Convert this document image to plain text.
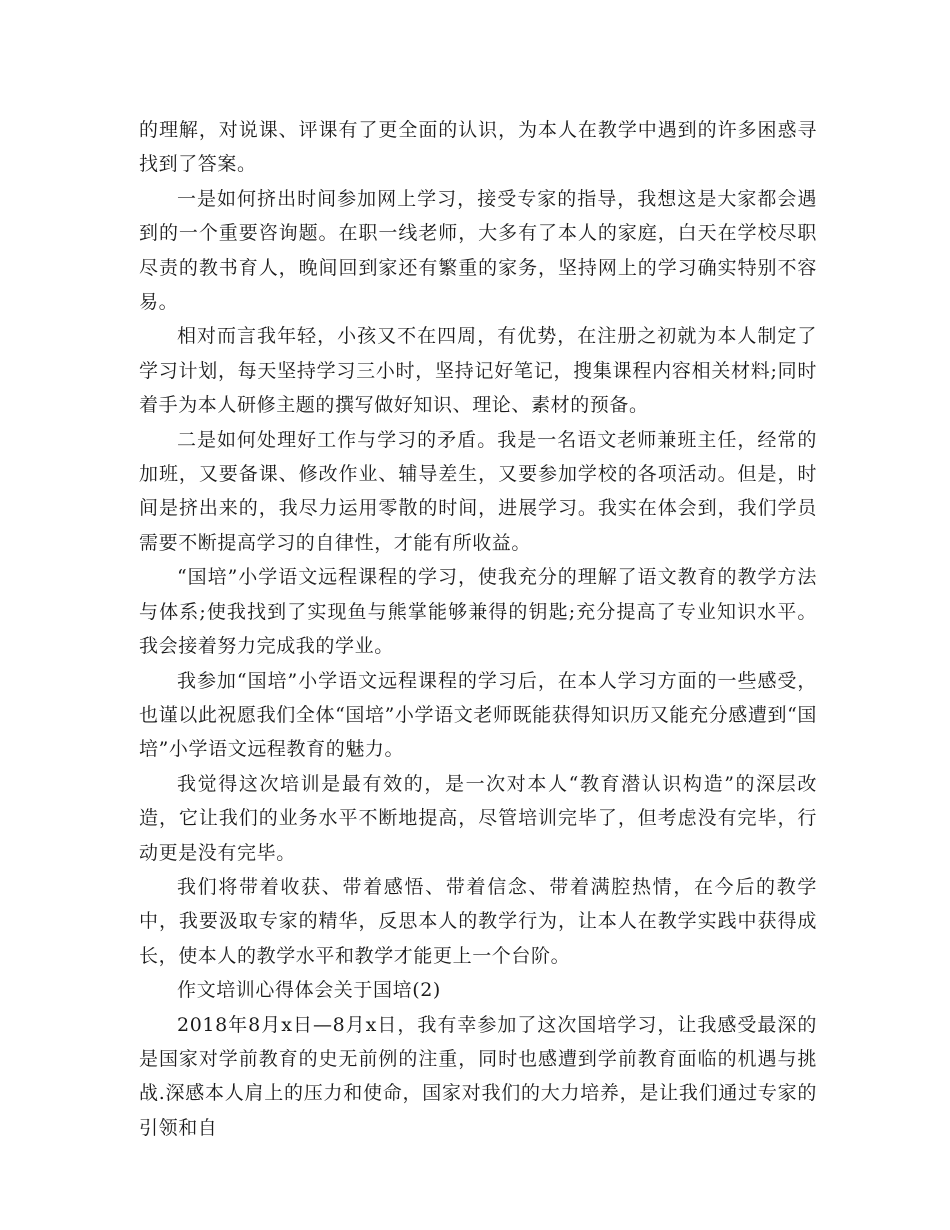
的理解，对说课、评课有了更全面的认识，为本人在教学中遇到的许多困惑寻找到了答案。

一是如何挤出时间参加网上学习，接受专家的指导，我想这是大家都会遇到的一个重要咨询题。在职一线老师，大多有了本人的家庭，白天在学校尽职尽责的教书育人，晚间回到家还有繁重的家务，坚持网上的学习确实特别不容易。

相对而言我年轻，小孩又不在四周，有优势，在注册之初就为本人制定了学习计划，每天坚持学习三小时，坚持记好笔记，搜集课程内容相关材料;同时着手为本人研修主题的撰写做好知识、理论、素材的预备。

二是如何处理好工作与学习的矛盾。我是一名语文老师兼班主任，经常的加班，又要备课、修改作业、辅导差生，又要参加学校的各项活动。但是，时间是挤出来的，我尽力运用零散的时间，进展学习。我实在体会到，我们学员需要不断提高学习的自律性，才能有所收益。

“国培”小学语文远程课程的学习，使我充分的理解了语文教育的教学方法与体系;使我找到了实现鱼与熊掌能够兼得的钥匙;充分提高了专业知识水平。我会接着努力完成我的学业。

我参加“国培”小学语文远程课程的学习后，在本人学习方面的一些感受，也谨以此祝愿我们全体“国培”小学语文老师既能获得知识历又能充分感遭到“国培”小学语文远程教育的魅力。

我觉得这次培训是最有效的，是一次对本人“教育潜认识构造”的深层改造，它让我们的业务水平不断地提高，尽管培训完毕了，但考虑没有完毕，行动更是没有完毕。

我们将带着收获、带着感悟、带着信念、带着满腔热情，在今后的教学中，我要汲取专家的精华，反思本人的教学行为，让本人在教学实践中获得成长，使本人的教学水平和教学才能更上一个台阶。

作文培训心得体会关于国培(2)

2018年8月x日—8月x日，我有幸参加了这次国培学习，让我感受最深的是国家对学前教育的史无前例的注重，同时也感遭到学前教育面临的机遇与挑战.深感本人肩上的压力和使命，国家对我们的大力培养，是让我们通过专家的引领和自
